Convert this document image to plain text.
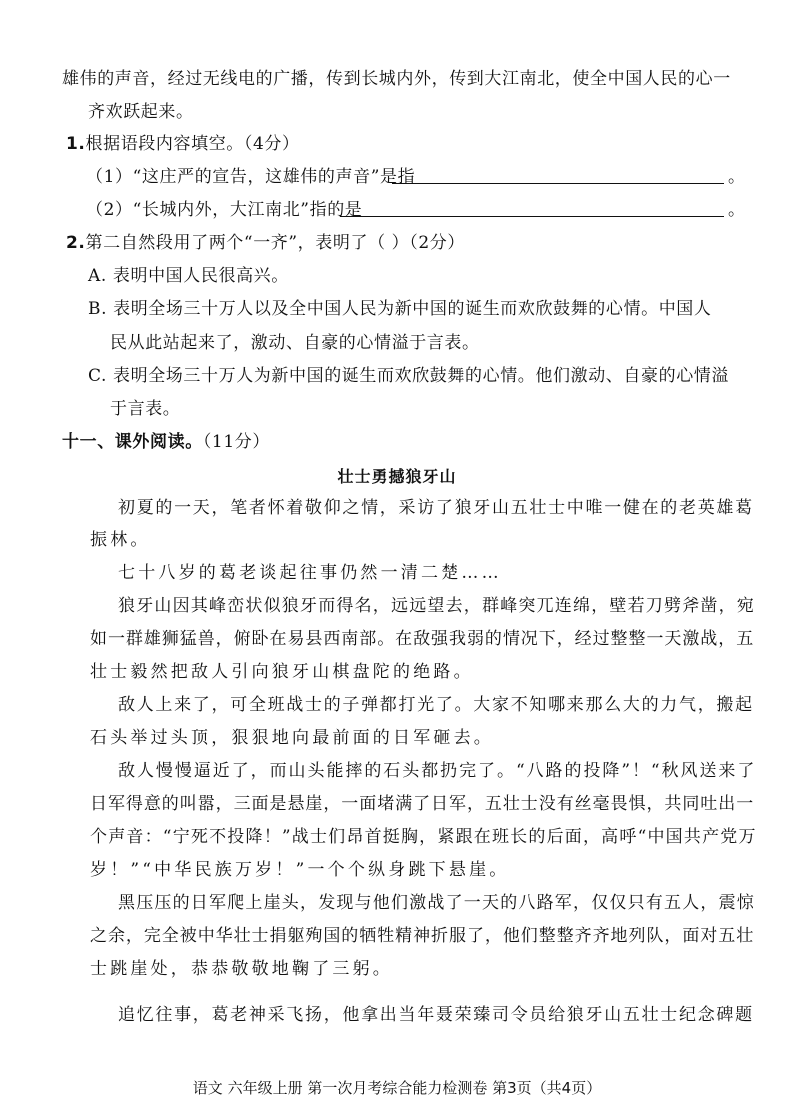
雄伟的声音，经过无线电的广播，传到长城内外，传到大江南北，使全中国人民的心一
齐欢跃起来。
1.根据语段内容填空。（4分）
（1）“这庄严的宣告，这雄伟的声音”是指	。
（2）“长城内外，大江南北”指的是	。
2.第二自然段用了两个“一齐”，表明了（ ）（2分）
A. 表明中国人民很高兴。
B. 表明全场三十万人以及全中国人民为新中国的诞生而欢欣鼓舞的心情。中国人
民从此站起来了，激动、自豪的心情溢于言表。
C. 表明全场三十万人为新中国的诞生而欢欣鼓舞的心情。他们激动、自豪的心情溢
于言表。
十一、课外阅读。（11分）
壮士勇撼狼牙山
初夏的一天，笔者怀着敬仰之情，采访了狼牙山五壮士中唯一健在的老英雄葛
振林。
七十八岁的葛老谈起往事仍然一清二楚……
狼牙山因其峰峦状似狼牙而得名，远远望去，群峰突兀连绵，壁若刀劈斧凿，宛
如一群雄狮猛兽，俯卧在易县西南部。在敌强我弱的情况下，经过整整一天激战，五
壮士毅然把敌人引向狼牙山棋盘陀的绝路。
敌人上来了，可全班战士的子弹都打光了。大家不知哪来那么大的力气，搬起
石头举过头顶，狠狠地向最前面的日军砸去。
敌人慢慢逼近了，而山头能摔的石头都扔完了。“八路的投降”！“秋风送来了
日军得意的叫嚣，三面是悬崖，一面堵满了日军，五壮士没有丝毫畏惧，共同吐出一
个声音：“宁死不投降！”战士们昂首挺胸，紧跟在班长的后面，高呼“中国共产党万
岁！”“中华民族万岁！”一个个纵身跳下悬崖。
黑压压的日军爬上崖头，发现与他们激战了一天的八路军，仅仅只有五人，震惊
之余，完全被中华壮士捐躯殉国的牺牲精神折服了，他们整整齐齐地列队，面对五壮
士跳崖处，恭恭敬敬地鞠了三躬。
追忆往事，葛老神采飞扬，他拿出当年聂荣臻司令员给狼牙山五壮士纪念碑题
语文 六年级上册 第一次月考综合能力检测卷 第3页（共4页）
